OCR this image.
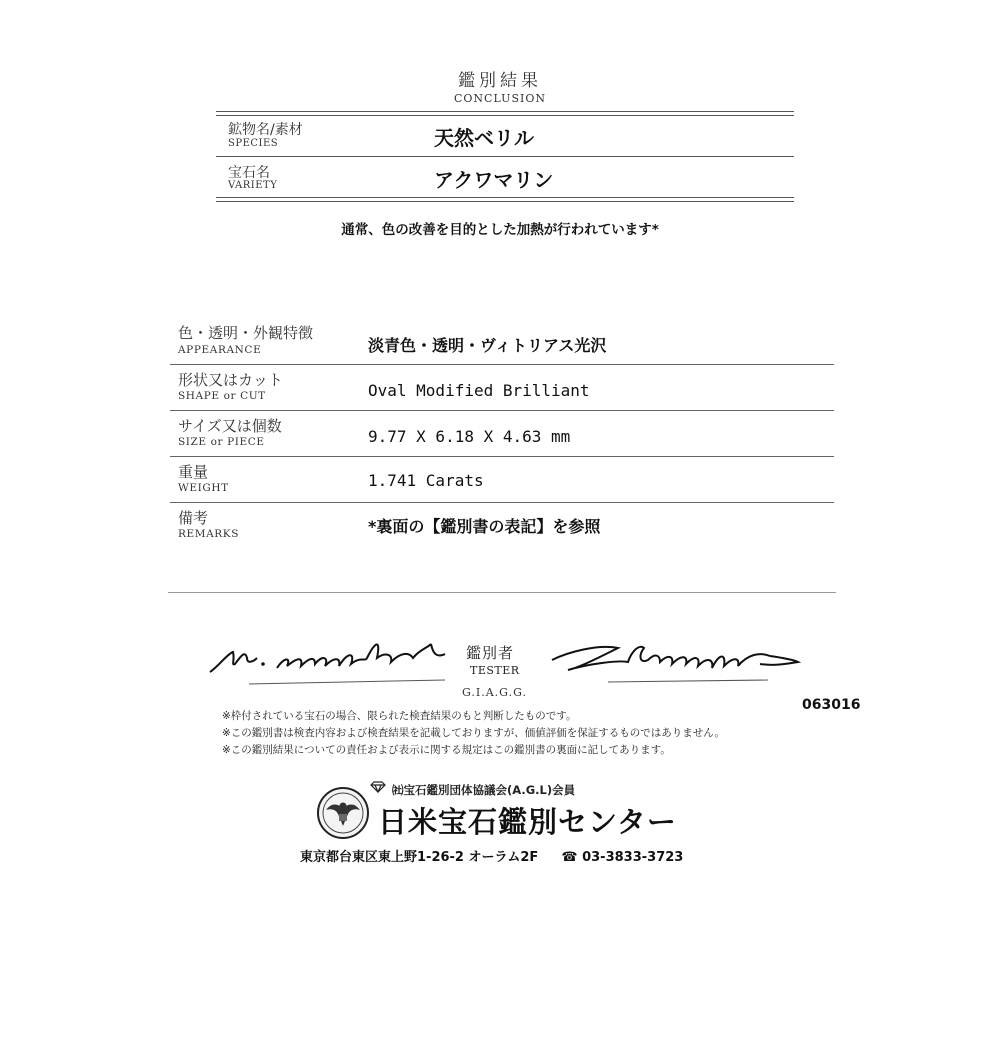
鑑別結果
CONCLUSION
鉱物名/素材
SPECIES	天然ベリル
宝石名
VARIETY	アクワマリン
通常、色の改善を目的とした加熱が行われています*
色・透明・外観特徴
APPEARANCE	淡青色・透明・ヴィトリアス光沢
形状又はカット
SHAPE or CUT	Oval Modified Brilliant
サイズ又は個数
SIZE or PIECE	9.77 X 6.18 X 4.63 mm
重量
WEIGHT	1.741 Carats
備考
REMARKS	*裏面の【鑑別書の表記】を参照
鑑別者
TESTER
G.I.A.G.G.
063016
※枠付されている宝石の場合、限られた検査結果のもと判断したものです。
※この鑑別書は検査内容および検査結果を記載しておりますが、価値評価を保証するものではありません。
※この鑑別結果についての責任および表示に関する規定はこの鑑別書の裏面に記してあります。
㈳宝石鑑別団体協議会(A.G.L)会員
日米宝石鑑別センター
東京都台東区東上野1-26-2 オーラム2F ☎ 03-3833-3723
